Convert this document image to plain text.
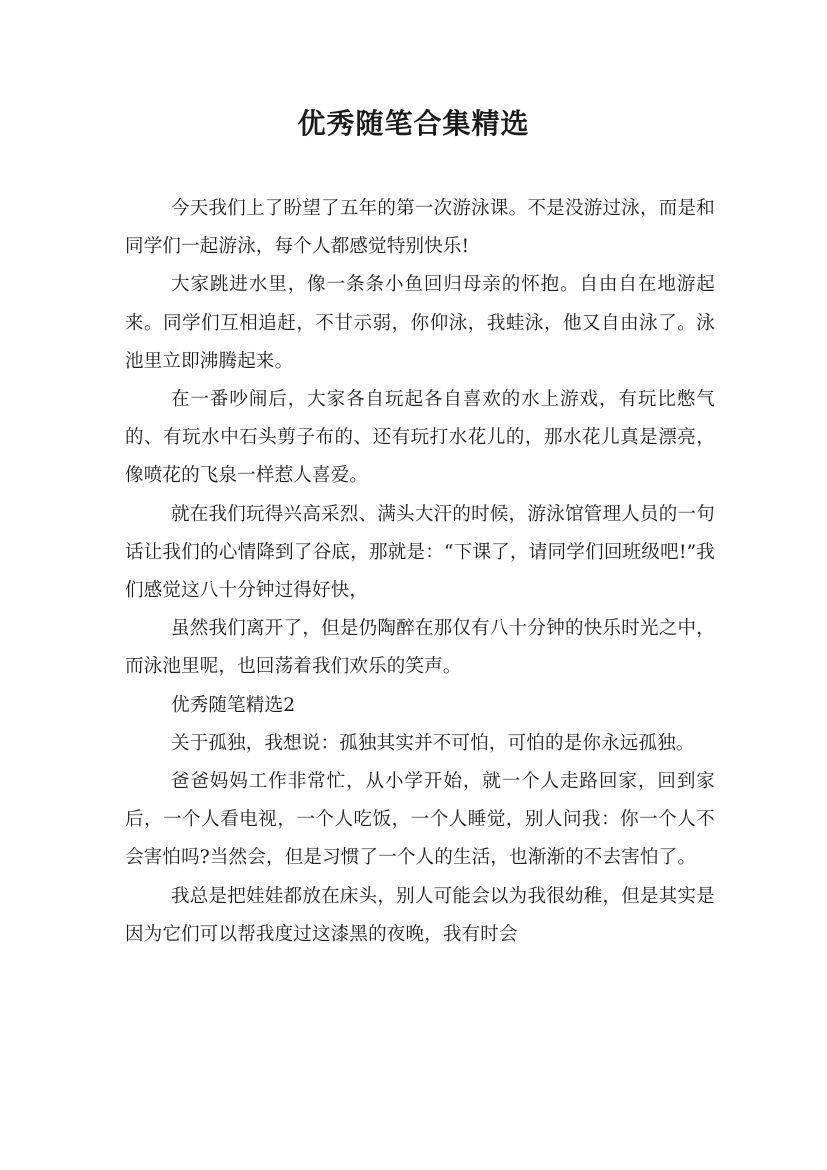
优秀随笔合集精选

今天我们上了盼望了五年的第一次游泳课。不是没游过泳，而是和同学们一起游泳，每个人都感觉特别快乐!

大家跳进水里，像一条条小鱼回归母亲的怀抱。自由自在地游起来。同学们互相追赶，不甘示弱，你仰泳，我蛙泳，他又自由泳了。泳池里立即沸腾起来。

在一番吵闹后，大家各自玩起各自喜欢的水上游戏，有玩比憋气的、有玩水中石头剪子布的、还有玩打水花儿的，那水花儿真是漂亮，像喷花的飞泉一样惹人喜爱。

就在我们玩得兴高采烈、满头大汗的时候，游泳馆管理人员的一句话让我们的心情降到了谷底，那就是：“下课了，请同学们回班级吧!”我们感觉这八十分钟过得好快，

虽然我们离开了，但是仍陶醉在那仅有八十分钟的快乐时光之中，而泳池里呢，也回荡着我们欢乐的笑声。

优秀随笔精选2

关于孤独，我想说：孤独其实并不可怕，可怕的是你永远孤独。

爸爸妈妈工作非常忙，从小学开始，就一个人走路回家，回到家后，一个人看电视，一个人吃饭，一个人睡觉，别人问我：你一个人不会害怕吗?当然会，但是习惯了一个人的生活，也渐渐的不去害怕了。

我总是把娃娃都放在床头，别人可能会以为我很幼稚，但是其实是因为它们可以帮我度过这漆黑的夜晚，我有时会
